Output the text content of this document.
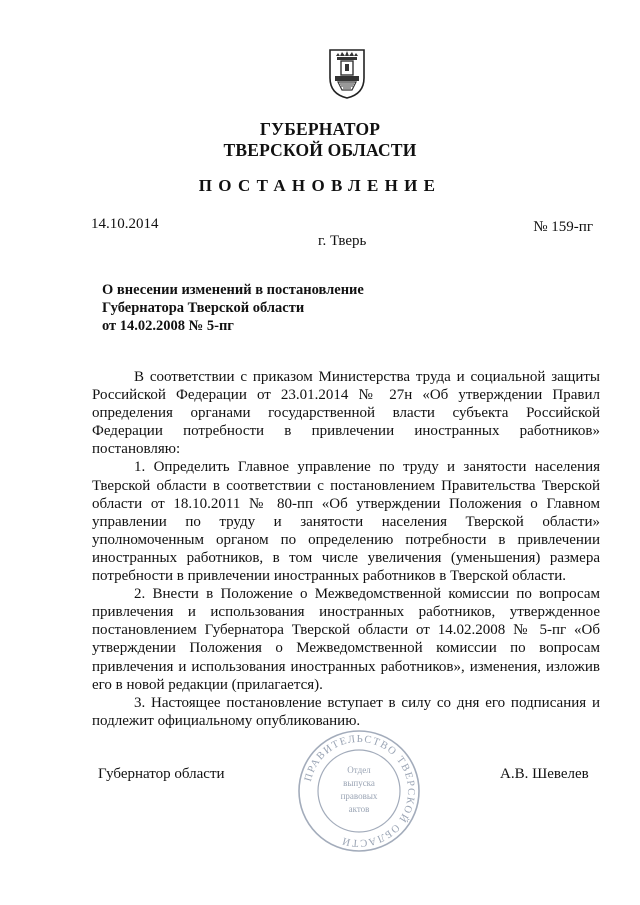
ГУБЕРНАТОР
ТВЕРСКОЙ ОБЛАСТИ
ПОСТАНОВЛЕНИЕ
14.10.2014	№ 159-пг
г. Тверь
О внесении изменений в постановление
Губернатора Тверской области
от 14.02.2008 № 5-пг

В соответствии с приказом Министерства труда и социальной защиты Российской Федерации от 23.01.2014 № 27н «Об утверждении Правил определения органами государственной власти субъекта Российской Федерации потребности в привлечении иностранных работников» постановляю:

1. Определить Главное управление по труду и занятости населения Тверской области в соответствии с постановлением Правительства Тверской области от 18.10.2011 № 80-пп «Об утверждении Положения о Главном управлении по труду и занятости населения Тверской области» уполномоченным органом по определению потребности в привлечении иностранных работников, в том числе увеличения (уменьшения) размера потребности в привлечении иностранных работников в Тверской области.

2. Внести в Положение о Межведомственной комиссии по вопросам привлечения и использования иностранных работников, утвержденное постановлением Губернатора Тверской области от 14.02.2008 № 5-пг «Об утверждении Положения о Межведомственной комиссии по вопросам привлечения и использования иностранных работников», изменения, изложив его в новой редакции (прилагается).

3. Настоящее постановление вступает в силу со дня его подписания и подлежит официальному опубликованию.

Губернатор области	А.В. Шевелев
ПРАВИТЕЛЬСТВО ТВЕРСКОЙ ОБЛАСТИ
Отдел
выпуска
правовых
актов
